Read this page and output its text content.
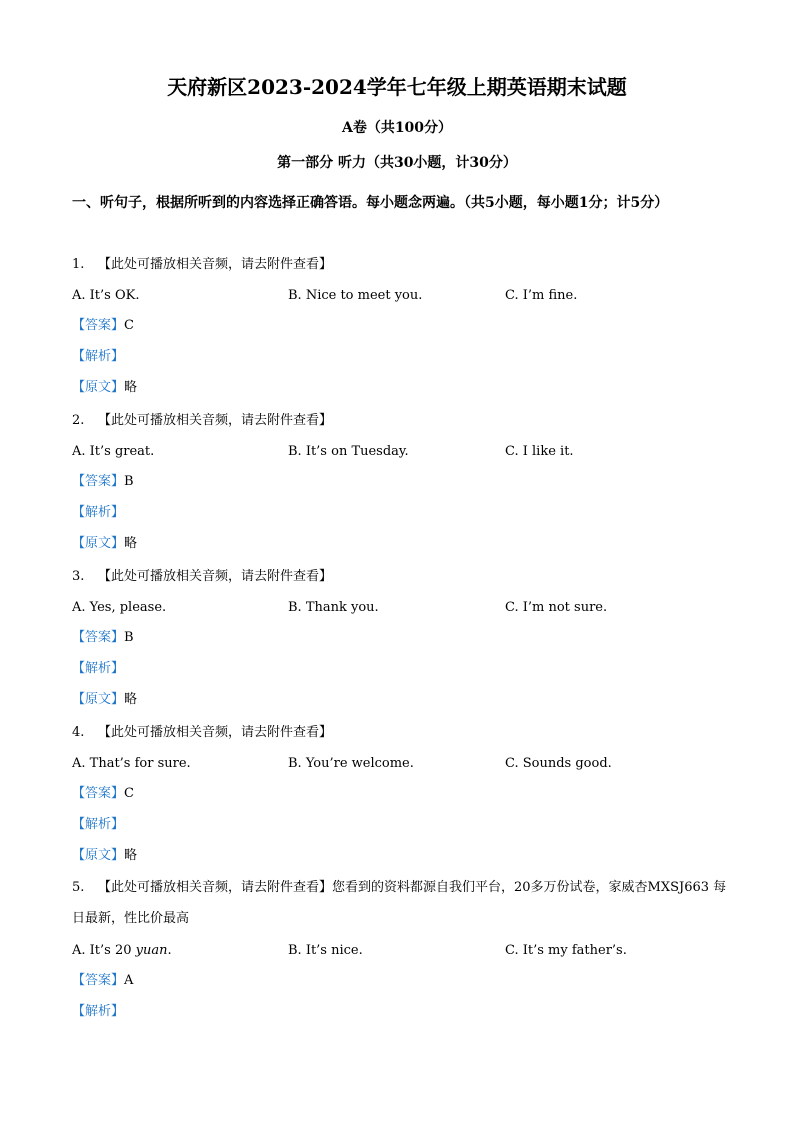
天府新区2023-2024学年七年级上期英语期末试题
A卷（共100分）
第一部分 听力（共30小题，计30分）
一、听句子，根据所听到的内容选择正确答语。每小题念两遍。（共5小题，每小题1分；计5分）
1. 【此处可播放相关音频，请去附件查看】
A. It’s OK.	B. Nice to meet you.	C. I’m fine.
【答案】C
【解析】
【原文】略
2. 【此处可播放相关音频，请去附件查看】
A. It’s great.	B. It’s on Tuesday.	C. I like it.
【答案】B
【解析】
【原文】略
3. 【此处可播放相关音频，请去附件查看】
A. Yes, please.	B. Thank you.	C. I’m not sure.
【答案】B
【解析】
【原文】略
4. 【此处可播放相关音频，请去附件查看】
A. That’s for sure.	B. You’re welcome.	C. Sounds good.
【答案】C
【解析】
【原文】略
5. 【此处可播放相关音频，请去附件查看】您看到的资料都源自我们平台，20多万份试卷，家威杏MXSJ663 每日最新，性比价最高
A. It’s 20 yuan.	B. It’s nice.	C. It’s my father’s.
【答案】A
【解析】
